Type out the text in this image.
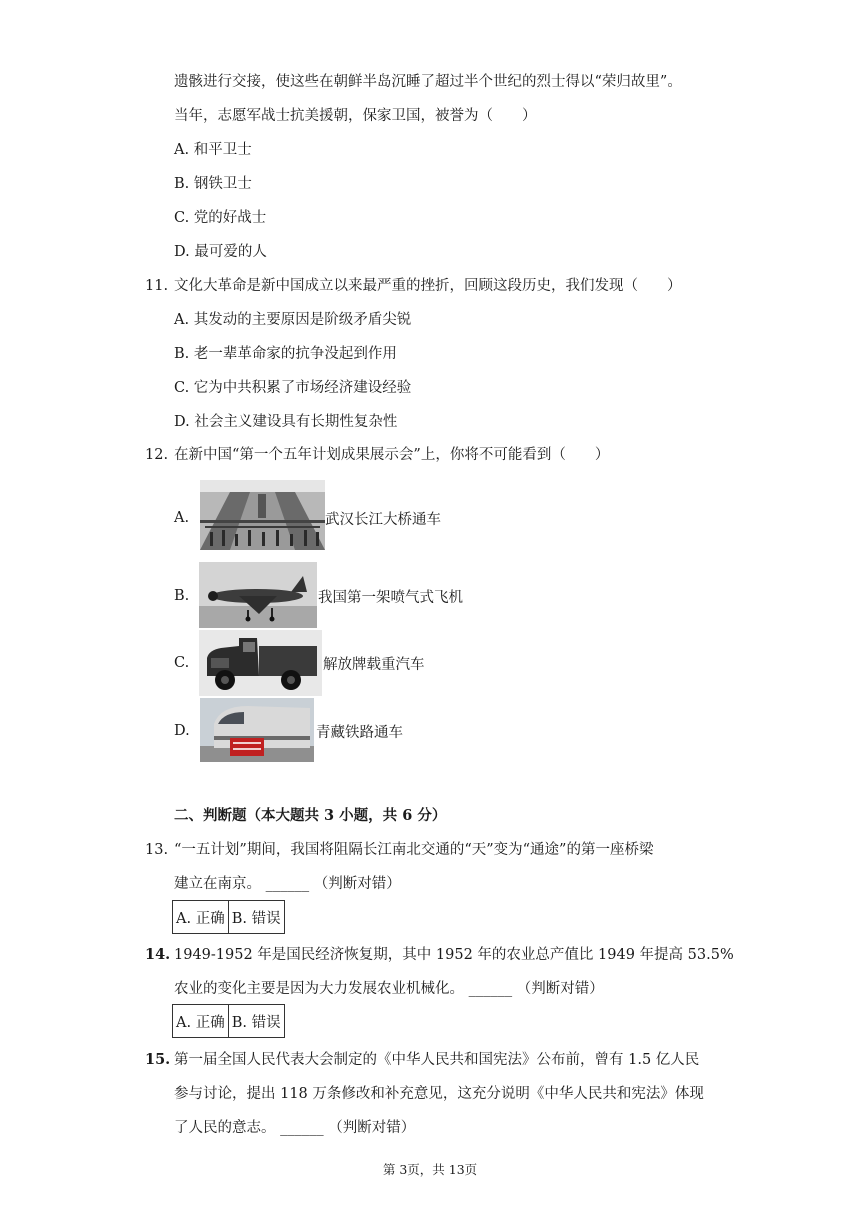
遗骸进行交接，使这些在朝鲜半岛沉睡了超过半个世纪的烈士得以“荣归故里”。
当年，志愿军战士抗美援朝，保家卫国，被誉为（　　）
A. 和平卫士
B. 钢铁卫士
C. 党的好战士
D. 最可爱的人
11. 文化大革命是新中国成立以来最严重的挫折，回顾这段历史，我们发现（　　）
A. 其发动的主要原因是阶级矛盾尖锐
B. 老一辈革命家的抗争没起到作用
C. 它为中共积累了市场经济建设经验
D. 社会主义建设具有长期性复杂性
12. 在新中国“第一个五年计划成果展示会”上，你将不可能看到（　　）
A.	武汉长江大桥通车
B.	我国第一架喷气式飞机
C.	解放牌载重汽车
D.	青藏铁路通车
二、判断题（本大题共 3 小题，共 6 分）
13. “一五计划”期间，我国将阻隔长江南北交通的“天”变为“通途”的第一座桥梁
建立在南京。 ______ （判断对错）
A. 正确	B. 错误
14. 1949-1952 年是国民经济恢复期，其中 1952 年的农业总产值比 1949 年提高 53.5%
农业的变化主要是因为大力发展农业机械化。 ______ （判断对错）
A. 正确	B. 错误
15. 第一届全国人民代表大会制定的《中华人民共和国宪法》公布前，曾有 1.5 亿人民
参与讨论，提出 118 万条修改和补充意见，这充分说明《中华人民共和宪法》体现
了人民的意志。 ______ （判断对错）
第 3页，共 13页
